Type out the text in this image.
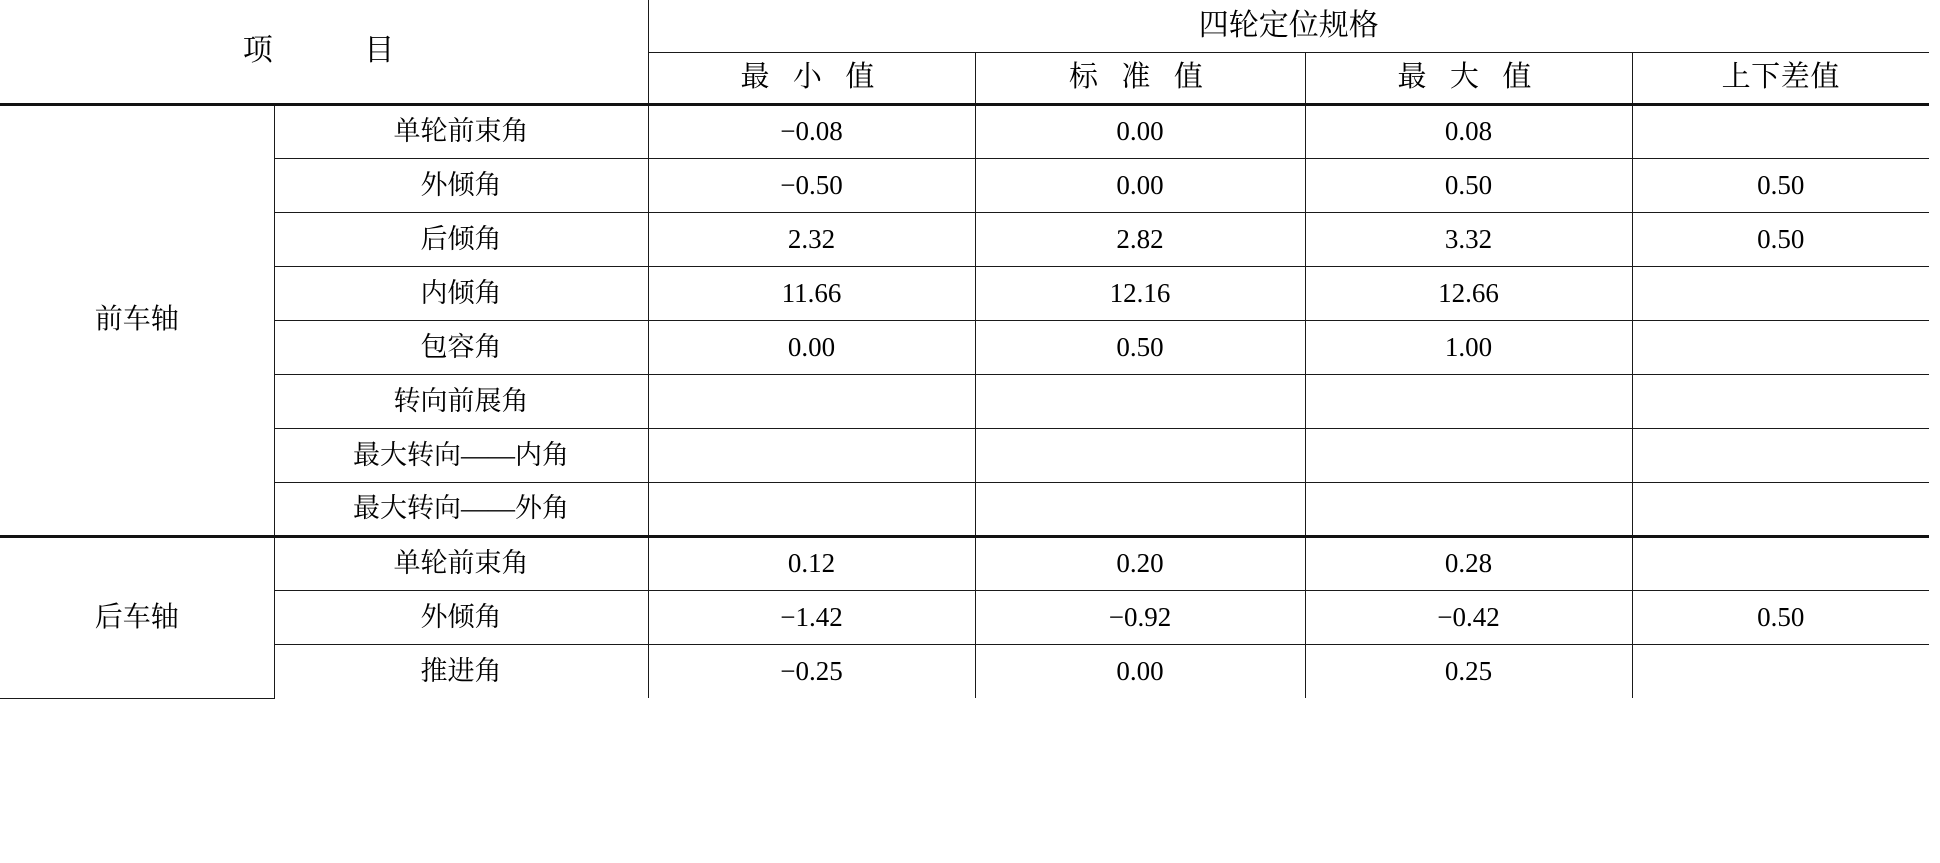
项　　目		四轮定位规格			
		最 小 值	标 准 值	最 大 值	上下差值
前车轴	单轮前束角	−0.08	0.00	0.08	
	外倾角	−0.50	0.00	0.50	0.50
	后倾角	2.32	2.82	3.32	0.50
	内倾角	11.66	12.16	12.66	
	包容角	0.00	0.50	1.00	
	转向前展角				
	最大转向——内角				
	最大转向——外角				
后车轴	单轮前束角	0.12	0.20	0.28	
	外倾角	−1.42	−0.92	−0.42	0.50
	推进角	−0.25	0.00	0.25	
